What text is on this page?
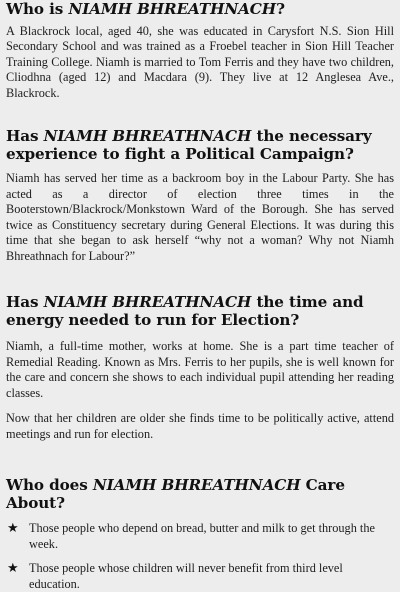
Who is NIAMH BHREATHNACH?

A Blackrock local, aged 40, she was educated in Carysfort N.S. Sion Hill Secondary School and was trained as a Froebel teacher in Sion Hill Teacher Training College. Niamh is married to Tom Ferris and they have two children, Cliodhna (aged 12) and Macdara (9). They live at 12 Anglesea Ave., Blackrock.

Has NIAMH BHREATHNACH the necessary experience to fight a Political Campaign?

Niamh has served her time as a backroom boy in the Labour Party. She has acted as a director of election three times in the Booterstown/Blackrock/Monkstown Ward of the Borough. She has served twice as Constituency secretary during General Elections. It was during this time that she began to ask herself “why not a woman? Why not Niamh Bhreathnach for Labour?”

Has NIAMH BHREATHNACH the time and energy needed to run for Election?

Niamh, a full-time mother, works at home. She is a part time teacher of Remedial Reading. Known as Mrs. Ferris to her pupils, she is well known for the care and concern she shows to each individual pupil attending her reading classes.

Now that her children are older she finds time to be politically active, attend meetings and run for election.

Who does NIAMH BHREATHNACH Care About?
★ Those people who depend on bread, butter and milk to get through the week.
★ Those people whose children will never benefit from third level education.
